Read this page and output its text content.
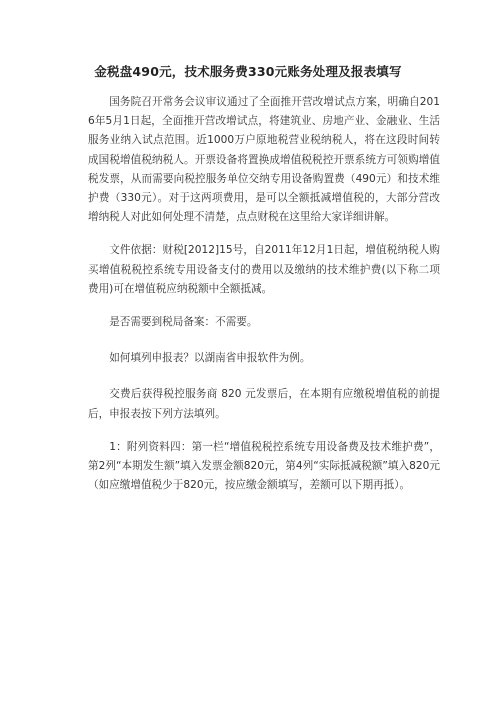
金税盘490元，技术服务费330元账务处理及报表填写

国务院召开常务会议审议通过了全面推开营改增试点方案，明确自2016年5月1日起，全面推开营改增试点，将建筑业、房地产业、金融业、生活服务业纳入试点范围。近1000万户原地税营业税纳税人，将在这段时间转成国税增值税纳税人。开票设备将置换成增值税税控开票系统方可领购增值税发票，从而需要向税控服务单位交纳专用设备购置费（490元）和技术维护费（330元）。对于这两项费用，是可以全额抵减增值税的，大部分营改增纳税人对此如何处理不清楚，点点财税在这里给大家详细讲解。

文件依据：财税[2012]15号，自2011年12月1日起，增值税纳税人购买增值税税控系统专用设备支付的费用以及缴纳的技术维护费(以下称二项费用)可在增值税应纳税额中全额抵减。

是否需要到税局备案：不需要。

如何填列申报表？以湖南省申报软件为例。

交费后获得税控服务商 820 元发票后，在本期有应缴税增值税的前提后，申报表按下列方法填列。

1：附列资料四：第一栏“增值税税控系统专用设备费及技术维护费”，第2列“本期发生额”填入发票金额820元，第4列“实际抵减税额”填入820元（如应缴增值税少于820元，按应缴金额填写，差额可以下期再抵）。
